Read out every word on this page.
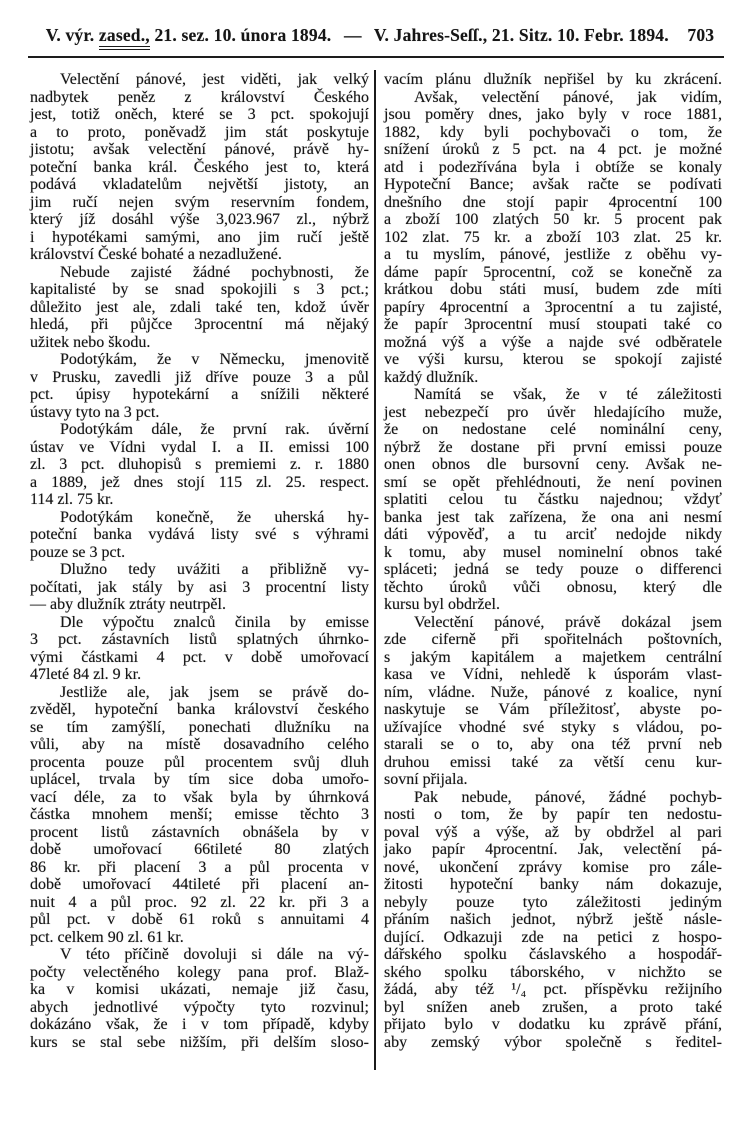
V. výr. zased., 21. sez. 10. února 1894. — V. Jahres-Seſſ., 21. Sitz. 10. Febr. 1894. 703
Velectění pánové, jest viděti, jak velký
nadbytek peněz z království Českého
jest, totiž oněch, které se 3 pct. spokojují
a to proto, poněvadž jim stát poskytuje
jistotu; avšak velectění pánové, právě hy-
poteční banka král. Českého jest to, která
podává vkladatelům největší jistoty, an
jim ručí nejen svým reservním fondem,
který jíž dosáhl výše 3,023.967 zl., nýbrž
i hypotékami samými, ano jim ručí ještě
království České bohaté a nezadlužené.
Nebude zajisté žádné pochybnosti, že
kapitalisté by se snad spokojili s 3 pct.;
důležito jest ale, zdali také ten, kdož úvěr
hledá, při půjčce 3procentní má nějaký
užitek nebo škodu.
Podotýkám, že v Německu, jmenovitě
v Prusku, zavedli již dříve pouze 3 a půl
pct. úpisy hypotekární a snížili některé
ústavy tyto na 3 pct.
Podotýkám dále, že první rak. úvěrní
ústav ve Vídni vydal I. a II. emissi 100
zl. 3 pct. dluhopisů s premiemi z. r. 1880
a 1889, jež dnes stojí 115 zl. 25. respect.
114 zl. 75 kr.
Podotýkám konečně, že uherská hy-
poteční banka vydává listy své s výhrami
pouze se 3 pct.
Dlužno tedy uvážiti a přibližně vy-
počítati, jak stály by asi 3 procentní listy
— aby dlužník ztráty neutrpěl.
Dle výpočtu znalců činila by emisse
3 pct. zástavních listů splatných úhrnko-
vými částkami 4 pct. v době umořovací
47leté 84 zl. 9 kr.
Jestliže ale, jak jsem se právě do-
zvěděl, hypoteční banka království českého
se tím zamýšlí, ponechati dlužníku na
vůli, aby na místě dosavadního celého
procenta pouze půl procentem svůj dluh
uplácel, trvala by tím sice doba umořo-
vací déle, za to však byla by úhrnková
částka mnohem menší; emisse těchto 3
procent listů zástavních obnášela by v
době umořovací 66tileté 80 zlatých
86 kr. při placení 3 a půl procenta v
době umořovací 44tileté při placení an-
nuit 4 a půl proc. 92 zl. 22 kr. při 3 a
půl pct. v době 61 roků s annuitami 4
pct. celkem 90 zl. 61 kr.
V této příčině dovoluji si dále na vý-
počty velectěného kolegy pana prof. Blaž-
ka v komisi ukázati, nemaje již času,
abych jednotlivé výpočty tyto rozvinul;
dokázáno však, že i v tom případě, kdyby
kurs se stal sebe nižším, při delším sloso-
vacím plánu dlužník nepřišel by ku zkrácení.
Avšak, velectění pánové, jak vidím,
jsou poměry dnes, jako byly v roce 1881,
1882, kdy byli pochybovači o tom, že
snížení úroků z 5 pct. na 4 pct. je možné
atd i podezřívána byla i obtíže se konaly
Hypoteční Bance; avšak račte se podívati
dnešního dne stojí papir 4procentní 100
a zboží 100 zlatých 50 kr. 5 procent pak
102 zlat. 75 kr. a zboží 103 zlat. 25 kr.
a tu myslím, pánové, jestliže z oběhu vy-
dáme papír 5procentní, což se konečně za
krátkou dobu státi musí, budem zde míti
papíry 4procentní a 3procentní a tu zajisté,
že papír 3procentní musí stoupati také co
možná výš a výše a najde své odběratele
ve výši kursu, kterou se spokojí zajisté
každý dlužník.
Namítá se však, že v té záležitosti
jest nebezpečí pro úvěr hledajícího muže,
že on nedostane celé nominální ceny,
nýbrž že dostane při první emissi pouze
onen obnos dle bursovní ceny. Avšak ne-
smí se opět přehlédnouti, že není povinen
splatiti celou tu částku najednou; vždyť
banka jest tak zařízena, že ona ani nesmí
dáti výpověď, a tu arciť nedojde nikdy
k tomu, aby musel nominelní obnos také
spláceti; jedná se tedy pouze o differenci
těchto úroků vůči obnosu, který dle
kursu byl obdržel.
Velectění pánové, právě dokázal jsem
zde ciferně při spořitelnách poštovních,
s jakým kapitálem a majetkem centrální
kasa ve Vídni, nehledě k úsporám vlast-
ním, vládne. Nuže, pánové z koalice, nyní
naskytuje se Vám příležitosť, abyste po-
užívajíce vhodné své styky s vládou, po-
starali se o to, aby ona též první neb
druhou emissi také za větší cenu kur-
sovní přijala.
Pak nebude, pánové, žádné pochyb-
nosti o tom, že by papír ten nedostu-
poval výš a výše, až by obdržel al pari
jako papír 4procentní. Jak, velectění pá-
nové, ukončení zprávy komise pro zále-
žitosti hypoteční banky nám dokazuje,
nebyly pouze tyto záležitosti jediným
přáním našich jednot, nýbrž ještě násle-
dující. Odkazuji zde na petici z hospo-
dářského spolku čáslavského a hospodář-
ského spolku táborského, v nichžto se
žádá, aby též ¹/₄ pct. příspěvku režijního
byl snížen aneb zrušen, a proto také
přijato bylo v dodatku ku zprávě přání,
aby zemský výbor společně s ředitel-
